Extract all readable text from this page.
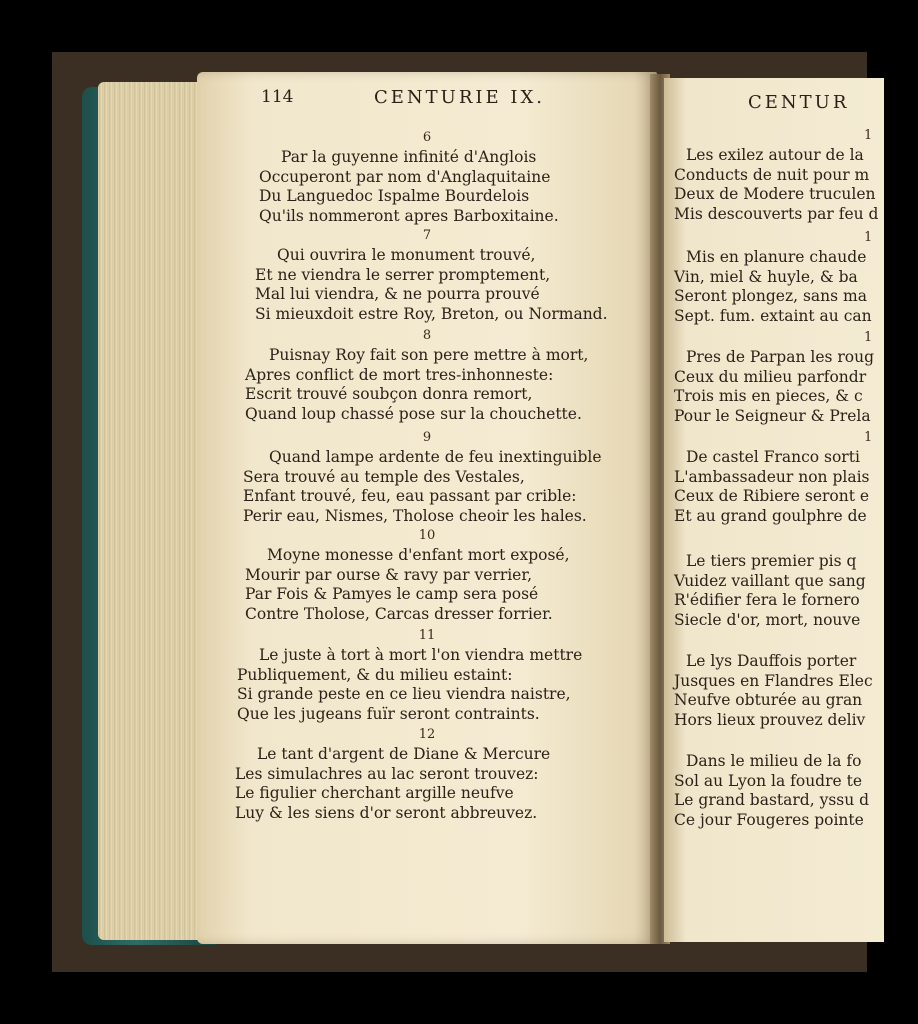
114	CENTURIE IX.
6
Par la guyenne infinité d'Anglois
Occuperont par nom d'Anglaquitaine
Du Languedoc Ispalme Bourdelois
Qu'ils nommeront apres Barboxitaine.
7
Qui ouvrira le monument trouvé,
Et ne viendra le serrer promptement,
Mal lui viendra, & ne pourra prouvé
Si mieuxdoit estre Roy, Breton, ou Normand.
8
Puisnay Roy fait son pere mettre à mort,
Apres conflict de mort tres-inhonneste:
Escrit trouvé soubçon donra remort,
Quand loup chassé pose sur la chouchette.
9
Quand lampe ardente de feu inextinguible
Sera trouvé au temple des Vestales,
Enfant trouvé, feu, eau passant par crible:
Perir eau, Nismes, Tholose cheoir les hales.
10
Moyne monesse d'enfant mort exposé,
Mourir par ourse & ravy par verrier,
Par Fois & Pamyes le camp sera posé
Contre Tholose, Carcas dresser forrier.
11
Le juste à tort à mort l'on viendra mettre
Publiquement, & du milieu estaint:
Si grande peste en ce lieu viendra naistre,
Que les jugeans fuïr seront contraints.
12
Le tant d'argent de Diane & Mercure
Les simulachres au lac seront trouvez:
Le figulier cherchant argille neufve
Luy & les siens d'or seront abbreuvez.
CENTUR
1
Les exilez autour de la
Conducts de nuit pour m
Deux de Modere truculen
Mis descouverts par feu d
1
Mis en planure chaude
Vin, miel & huyle, & ba
Seront plongez, sans ma
Sept. fum. extaint au can
1
Pres de Parpan les roug
Ceux du milieu parfondr
Trois mis en pieces, & c
Pour le Seigneur & Prela
1
De castel Franco sorti
L'ambassadeur non plais
Ceux de Ribiere seront e
Et au grand goulphre de
Le tiers premier pis q
Vuidez vaillant que sang
R'édifier fera le fornero
Siecle d'or, mort, nouve
Le lys Dauffois porter
Jusques en Flandres Elec
Neufve obturée au gran
Hors lieux prouvez deliv
Dans le milieu de la fo
Sol au Lyon la foudre te
Le grand bastard, yssu d
Ce jour Fougeres pointe
